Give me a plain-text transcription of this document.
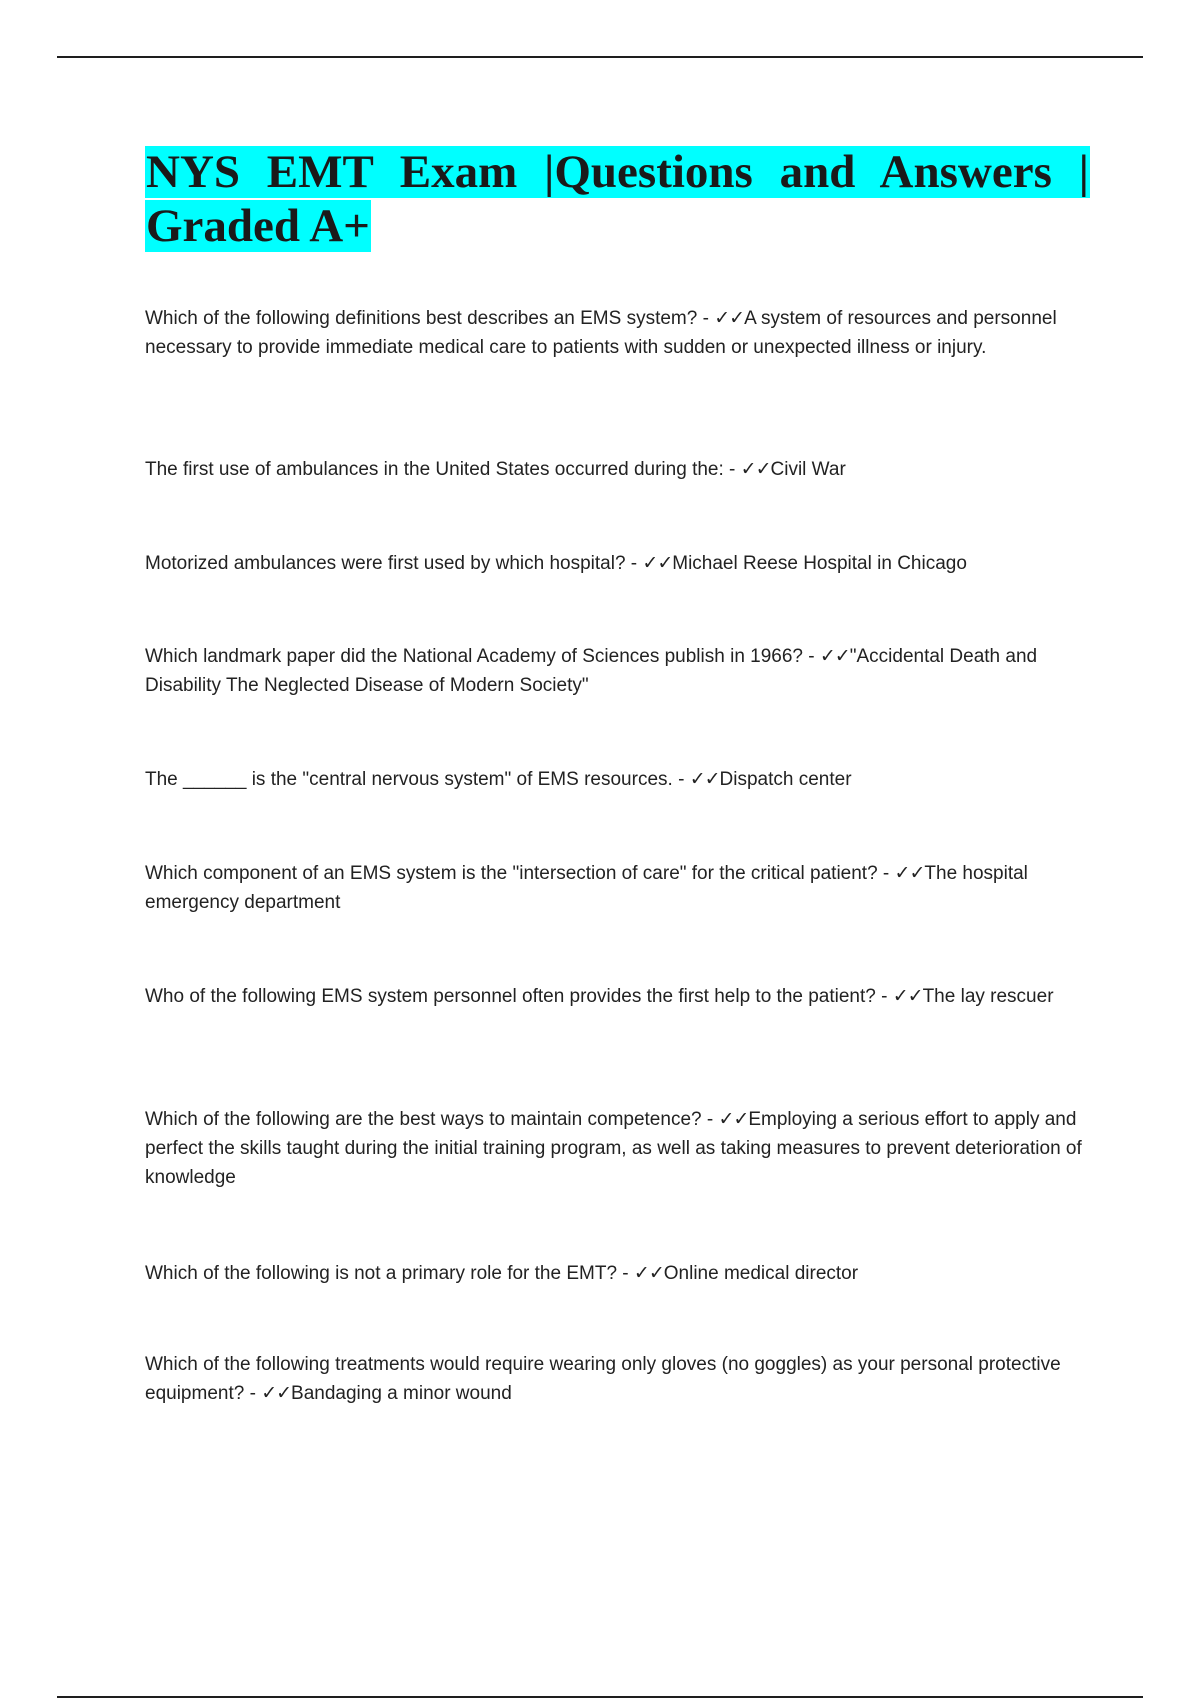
NYS EMT Exam |Questions and Answers | Graded A+

Which of the following definitions best describes an EMS system? - ✓✓A system of resources and personnel necessary to provide immediate medical care to patients with sudden or unexpected illness or injury.

The first use of ambulances in the United States occurred during the: - ✓✓Civil War

Motorized ambulances were first used by which hospital? - ✓✓Michael Reese Hospital in Chicago

Which landmark paper did the National Academy of Sciences publish in 1966? - ✓✓"Accidental Death and Disability The Neglected Disease of Modern Society"

The ______ is the "central nervous system" of EMS resources. - ✓✓Dispatch center

Which component of an EMS system is the "intersection of care" for the critical patient? - ✓✓The hospital emergency department

Who of the following EMS system personnel often provides the first help to the patient? - ✓✓The lay rescuer

Which of the following are the best ways to maintain competence? - ✓✓Employing a serious effort to apply and perfect the skills taught during the initial training program, as well as taking measures to prevent deterioration of knowledge

Which of the following is not a primary role for the EMT? - ✓✓Online medical director

Which of the following treatments would require wearing only gloves (no goggles) as your personal protective equipment? - ✓✓Bandaging a minor wound
